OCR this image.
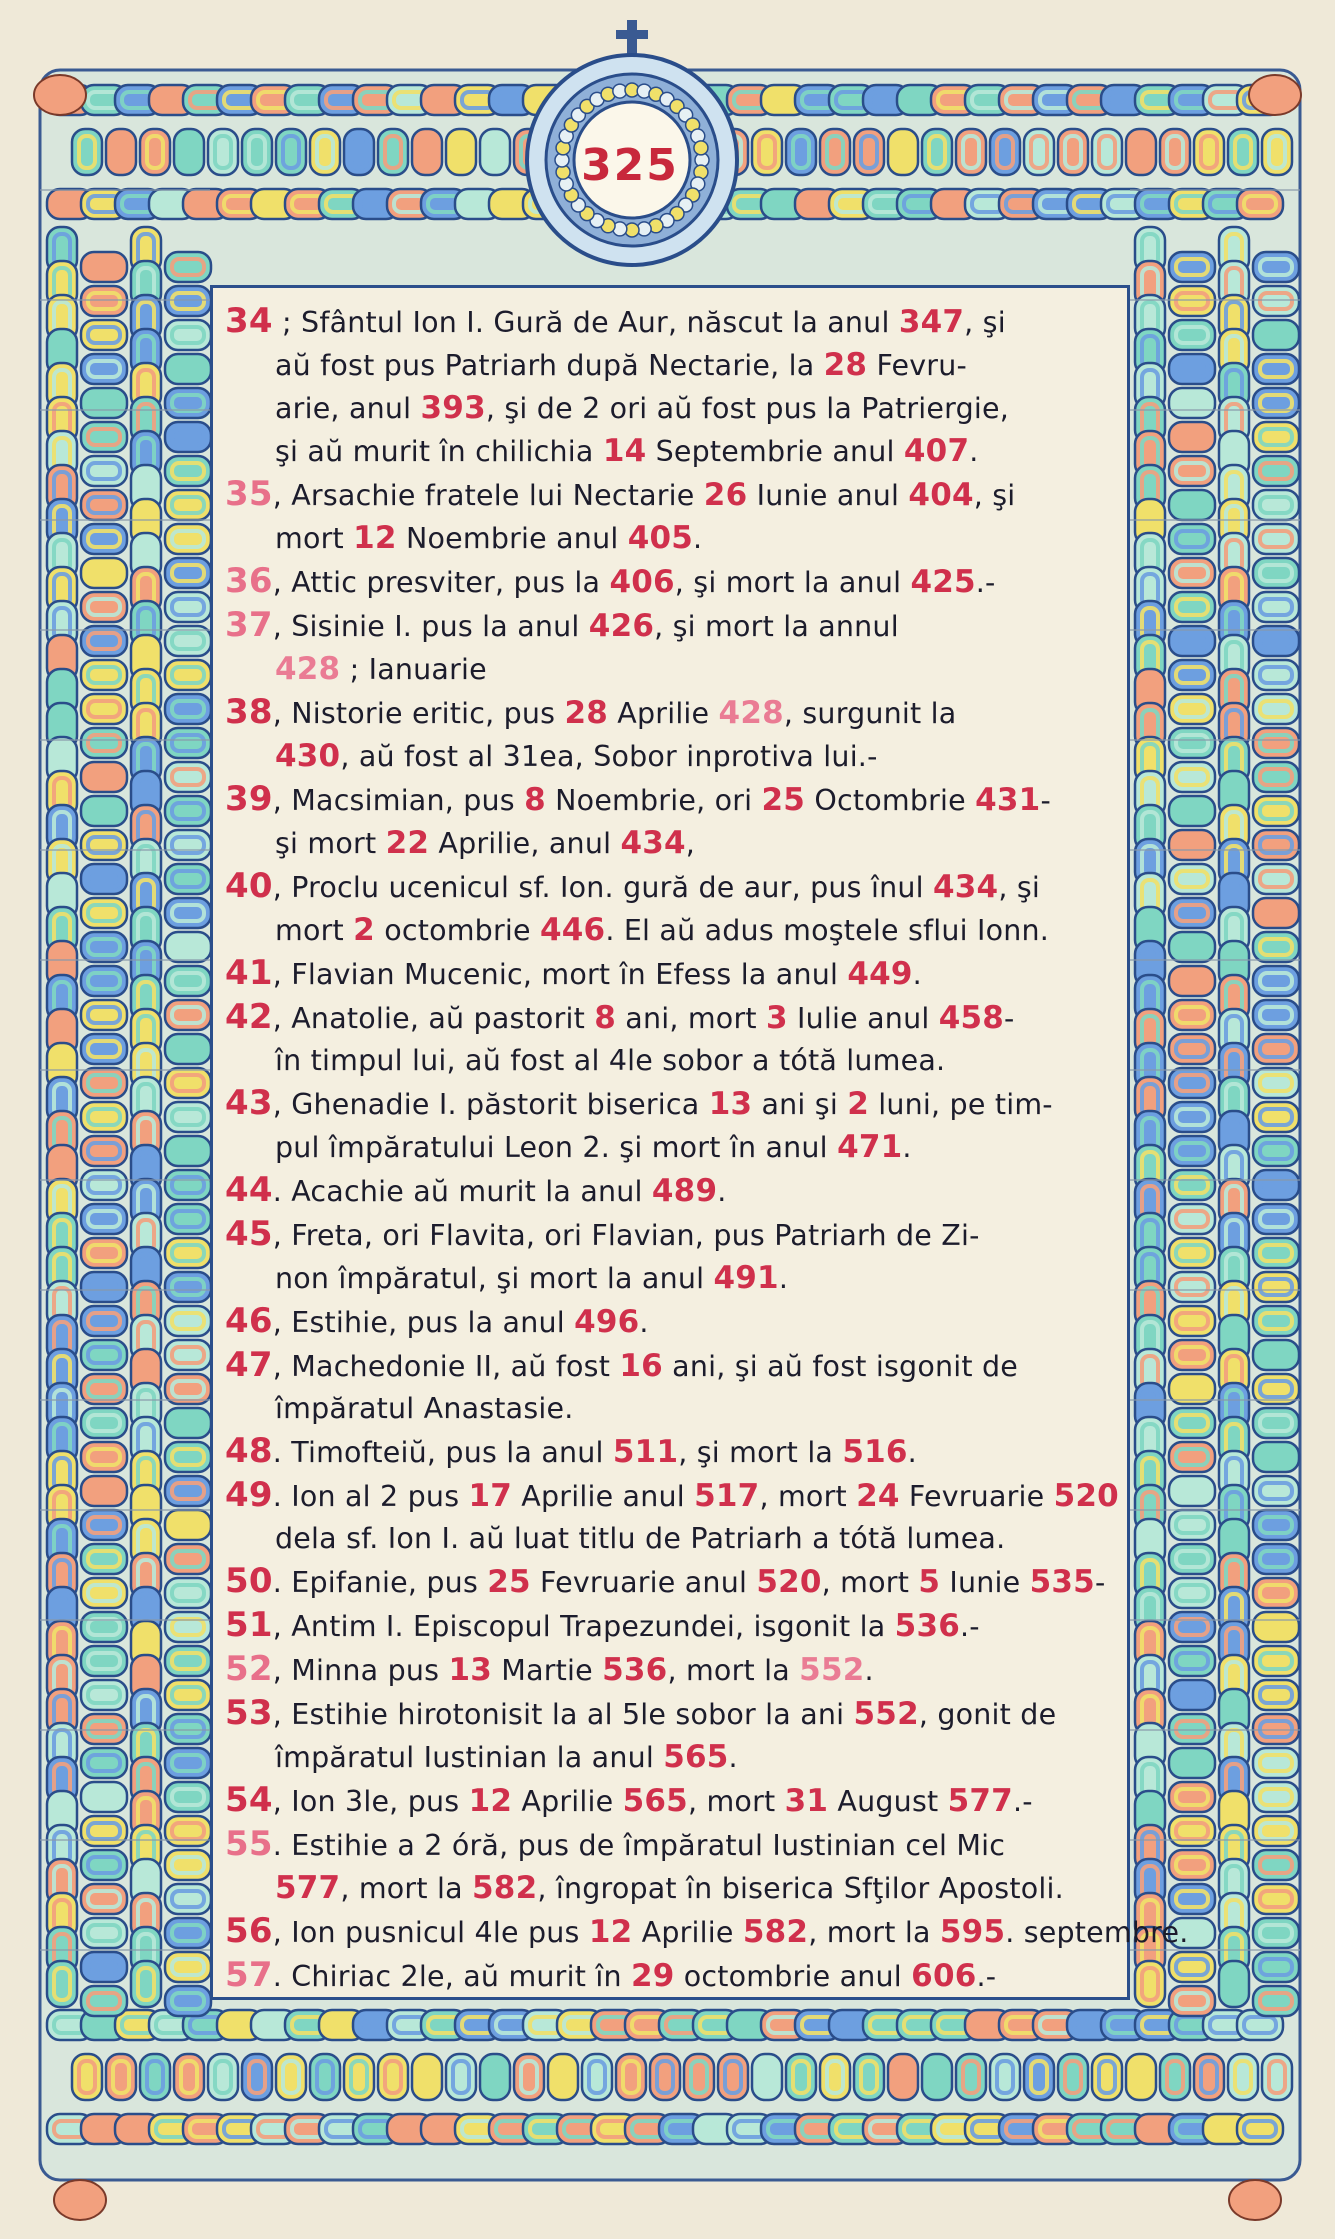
325
34 ; Sfântul Ion I. Gură de Aur, născut la anul 347, şi
aŭ fost pus Patriarh după Nectarie, la 28 Fevru-
arie, anul 393, şi de 2 ori aŭ fost pus la Patriergie,
şi aŭ murit în chilichia 14 Septembrie anul 407.
35, Arsachie fratele lui Nectarie 26 Iunie anul 404, şi
mort 12 Noembrie anul 405.
36, Attic presviter, pus la 406, şi mort la anul 425.-
37, Sisinie I. pus la anul 426, şi mort la annul
428 ; Ianuarie
38, Nistorie eritic, pus 28 Aprilie 428, surgunit la
430, aŭ fost al 31ea, Sobor inprotiva lui.-
39, Macsimian, pus 8 Noembrie, ori 25 Octombrie 431-
şi mort 22 Aprilie, anul 434,
40, Proclu ucenicul sf. Ion. gură de aur, pus înul 434, şi
mort 2 octombrie 446. El aŭ adus moştele sflui Ionn.
41, Flavian Mucenic, mort în Efess la anul 449.
42, Anatolie, aŭ pastorit 8 ani, mort 3 Iulie anul 458-
în timpul lui, aŭ fost al 4le sobor a tótă lumea.
43, Ghenadie I. păstorit biserica 13 ani şi 2 luni, pe tim-
pul împăratului Leon 2. şi mort în anul 471.
44. Acachie aŭ murit la anul 489.
45, Freta, ori Flavita, ori Flavian, pus Patriarh de Zi-
non împăratul, şi mort la anul 491.
46, Estihie, pus la anul 496.
47, Machedonie II, aŭ fost 16 ani, şi aŭ fost isgonit de
împăratul Anastasie.
48. Timofteiŭ, pus la anul 511, şi mort la 516.
49. Ion al 2 pus 17 Aprilie anul 517, mort 24 Fevruarie 520
dela sf. Ion I. aŭ luat titlu de Patriarh a tótă lumea.
50. Epifanie, pus 25 Fevruarie anul 520, mort 5 Iunie 535-
51, Antim I. Episcopul Trapezundei, isgonit la 536.-
52, Minna pus 13 Martie 536, mort la 552.
53, Estihie hirotonisit la al 5le sobor la ani 552, gonit de
împăratul Iustinian la anul 565.
54, Ion 3le, pus 12 Aprilie 565, mort 31 August 577.-
55. Estihie a 2 óră, pus de împăratul Iustinian cel Mic
577, mort la 582, îngropat în biserica Sfţilor Apostoli.
56, Ion pusnicul 4le pus 12 Aprilie 582, mort la 595. septembre.
57. Chiriac 2le, aŭ murit în 29 octombrie anul 606.-
